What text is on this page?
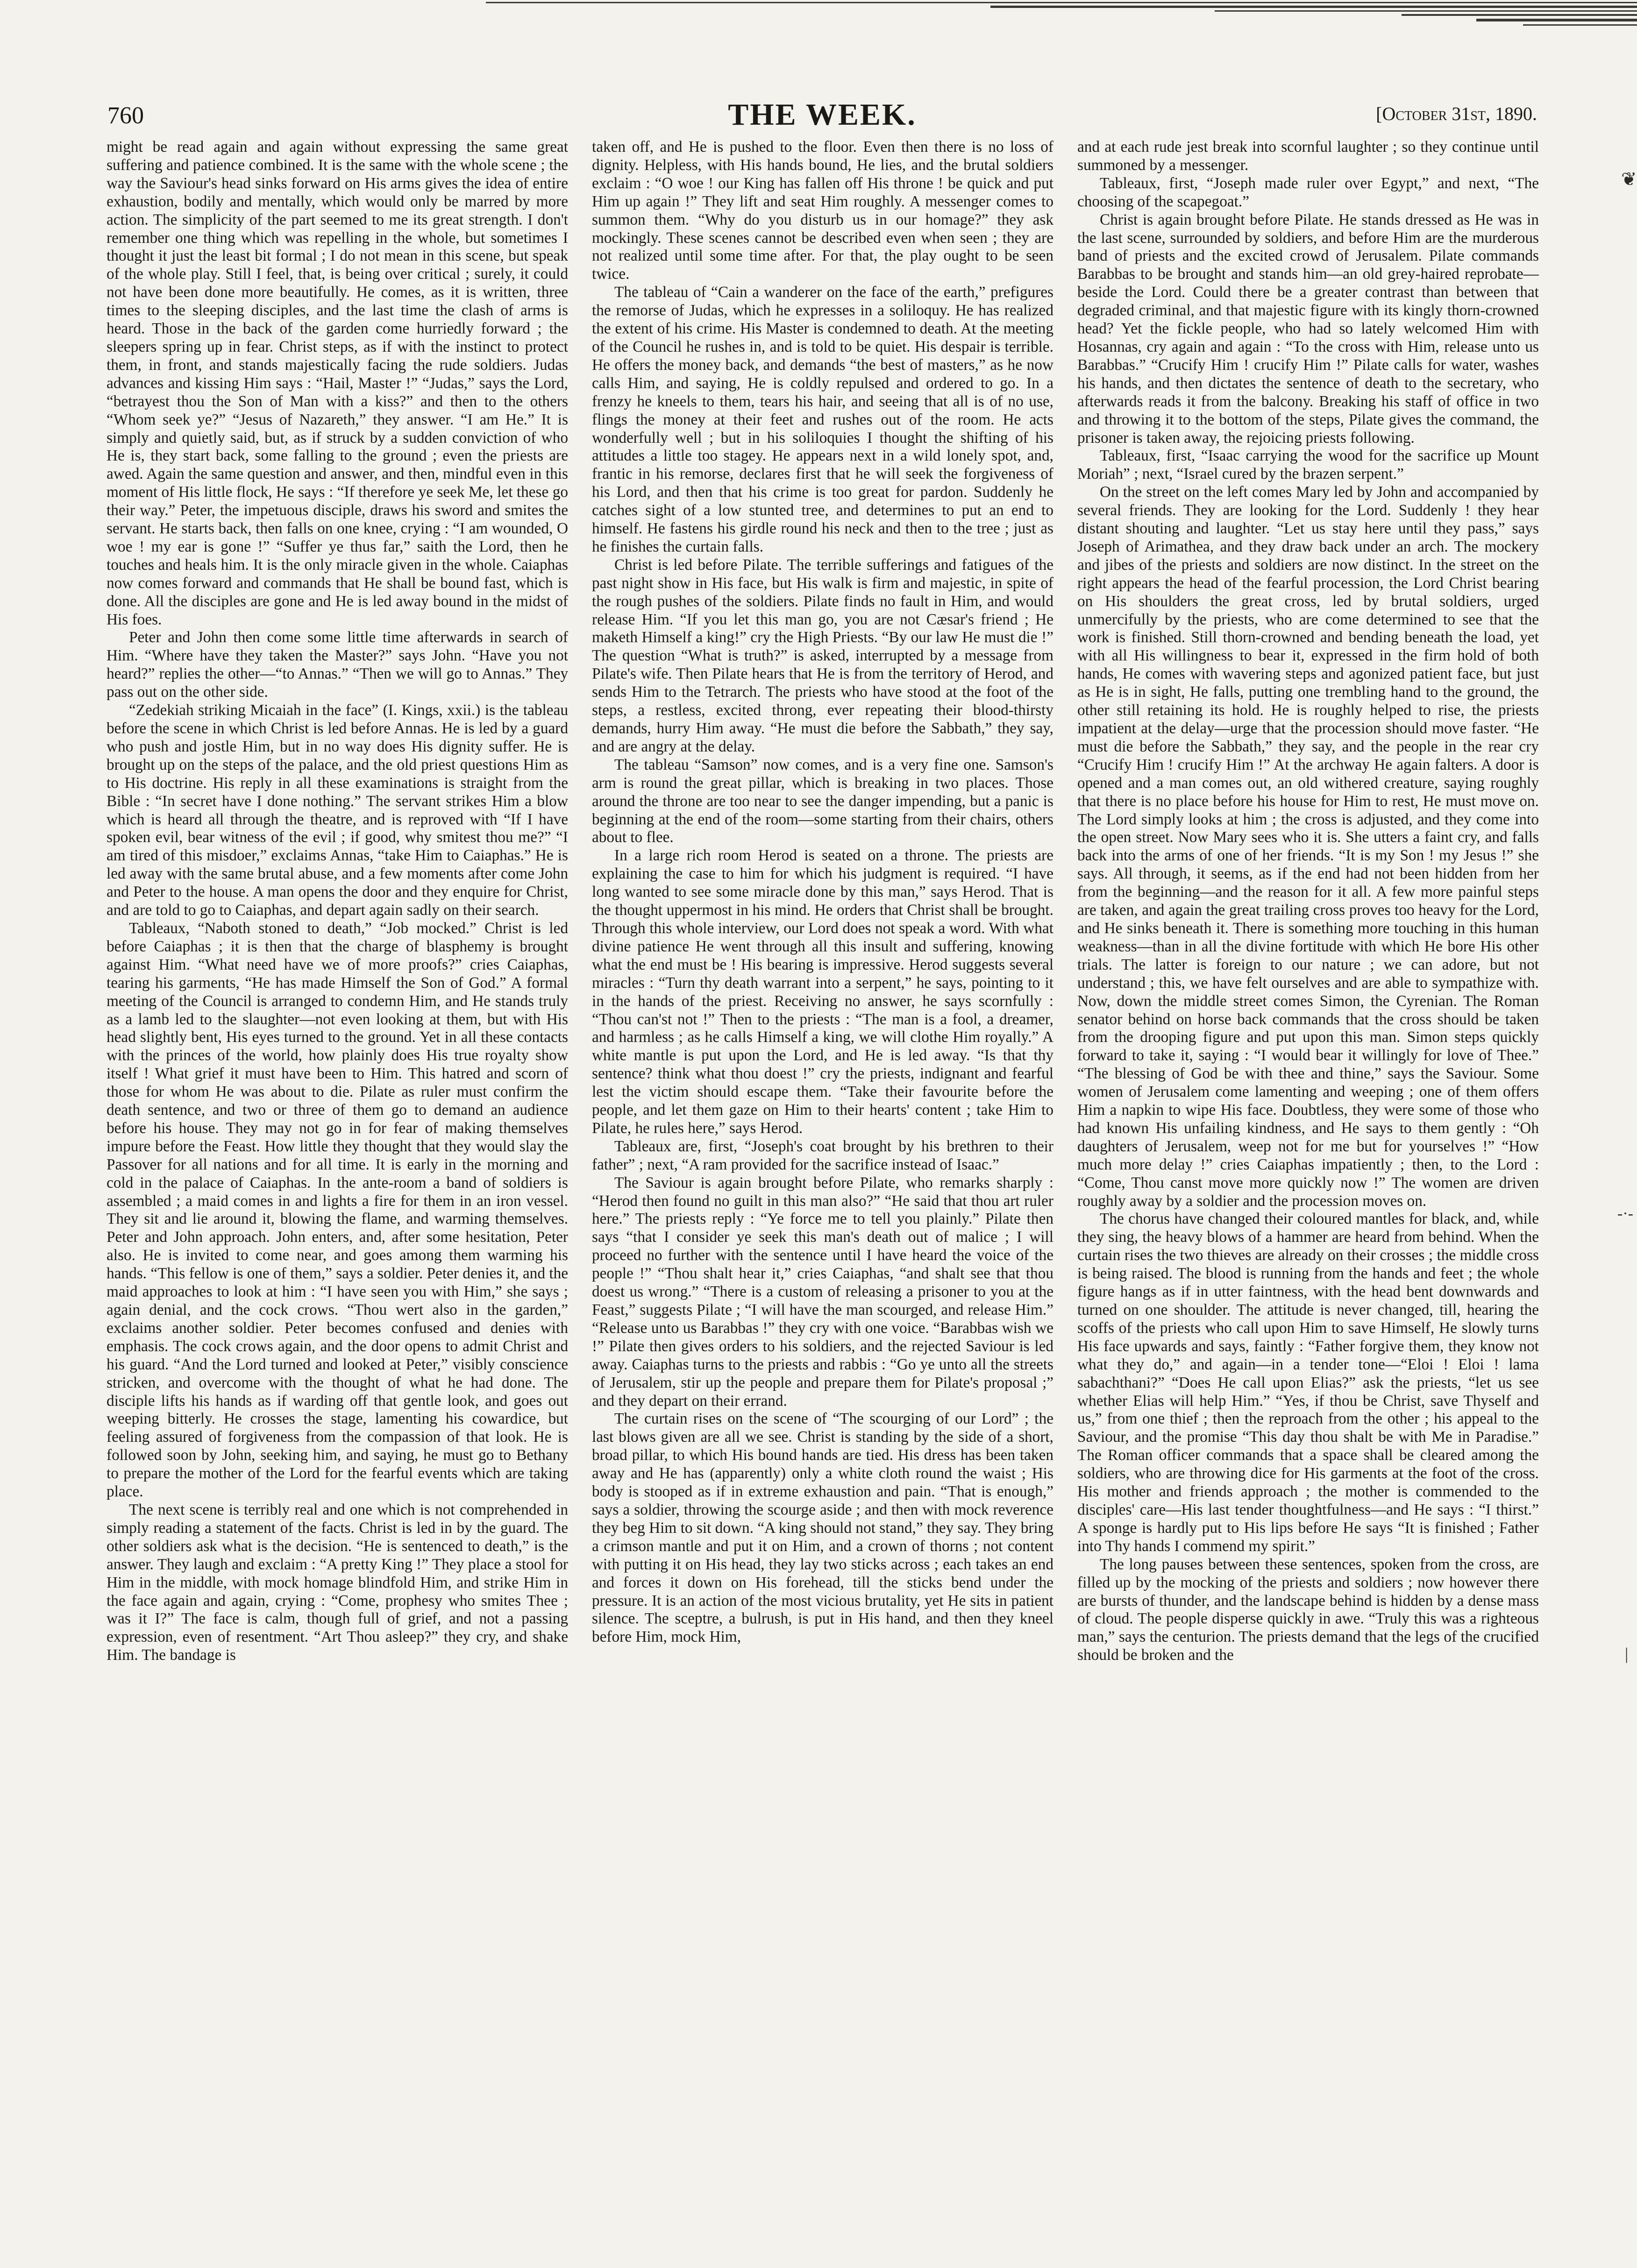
760	THE WEEK.	[October 31st, 1890.

might be read again and again without expressing the same great suffering and patience combined. It is the same with the whole scene ; the way the Saviour's head sinks forward on His arms gives the idea of entire exhaustion, bodily and mentally, which would only be marred by more action. The simplicity of the part seemed to me its great strength. I don't remember one thing which was repelling in the whole, but sometimes I thought it just the least bit formal ; I do not mean in this scene, but speak of the whole play. Still I feel, that, is being over critical ; surely, it could not have been done more beautifully. He comes, as it is written, three times to the sleeping disciples, and the last time the clash of arms is heard. Those in the back of the garden come hurriedly forward ; the sleepers spring up in fear. Christ steps, as if with the instinct to protect them, in front, and stands majestically facing the rude soldiers. Judas advances and kissing Him says : “Hail, Master !” “Judas,” says the Lord, “betrayest thou the Son of Man with a kiss?” and then to the others “Whom seek ye?” “Jesus of Nazareth,” they answer. “I am He.” It is simply and quietly said, but, as if struck by a sudden conviction of who He is, they start back, some falling to the ground ; even the priests are awed. Again the same question and answer, and then, mindful even in this moment of His little flock, He says : “If therefore ye seek Me, let these go their way.” Peter, the impetuous disciple, draws his sword and smites the servant. He starts back, then falls on one knee, crying : “I am wounded, O woe ! my ear is gone !” “Suffer ye thus far,” saith the Lord, then he touches and heals him. It is the only miracle given in the whole. Caiaphas now comes forward and commands that He shall be bound fast, which is done. All the disciples are gone and He is led away bound in the midst of His foes.

Peter and John then come some little time afterwards in search of Him. “Where have they taken the Master?” says John. “Have you not heard?” replies the other—“to Annas.” “Then we will go to Annas.” They pass out on the other side.

“Zedekiah striking Micaiah in the face” (I. Kings, xxii.) is the tableau before the scene in which Christ is led before Annas. He is led by a guard who push and jostle Him, but in no way does His dignity suffer. He is brought up on the steps of the palace, and the old priest questions Him as to His doctrine. His reply in all these examinations is straight from the Bible : “In secret have I done nothing.” The servant strikes Him a blow which is heard all through the theatre, and is reproved with “If I have spoken evil, bear witness of the evil ; if good, why smitest thou me?” “I am tired of this misdoer,” exclaims Annas, “take Him to Caiaphas.” He is led away with the same brutal abuse, and a few moments after come John and Peter to the house. A man opens the door and they enquire for Christ, and are told to go to Caiaphas, and depart again sadly on their search.

Tableaux, “Naboth stoned to death,” “Job mocked.” Christ is led before Caiaphas ; it is then that the charge of blasphemy is brought against Him. “What need have we of more proofs?” cries Caiaphas, tearing his garments, “He has made Himself the Son of God.” A formal meeting of the Council is arranged to condemn Him, and He stands truly as a lamb led to the slaughter—not even looking at them, but with His head slightly bent, His eyes turned to the ground. Yet in all these contacts with the princes of the world, how plainly does His true royalty show itself ! What grief it must have been to Him. This hatred and scorn of those for whom He was about to die. Pilate as ruler must confirm the death sentence, and two or three of them go to demand an audience before his house. They may not go in for fear of making themselves impure before the Feast. How little they thought that they would slay the Passover for all nations and for all time. It is early in the morning and cold in the palace of Caiaphas. In the ante-room a band of soldiers is assembled ; a maid comes in and lights a fire for them in an iron vessel. They sit and lie around it, blowing the flame, and warming themselves. Peter and John approach. John enters, and, after some hesitation, Peter also. He is invited to come near, and goes among them warming his hands. “This fellow is one of them,” says a soldier. Peter denies it, and the maid approaches to look at him : “I have seen you with Him,” she says ; again denial, and the cock crows. “Thou wert also in the garden,” exclaims another soldier. Peter becomes confused and denies with emphasis. The cock crows again, and the door opens to admit Christ and his guard. “And the Lord turned and looked at Peter,” visibly conscience stricken, and overcome with the thought of what he had done. The disciple lifts his hands as if warding off that gentle look, and goes out weeping bitterly. He crosses the stage, lamenting his cowardice, but feeling assured of forgiveness from the compassion of that look. He is followed soon by John, seeking him, and saying, he must go to Bethany to prepare the mother of the Lord for the fearful events which are taking place.

The next scene is terribly real and one which is not comprehended in simply reading a statement of the facts. Christ is led in by the guard. The other soldiers ask what is the decision. “He is sentenced to death,” is the answer. They laugh and exclaim : “A pretty King !” They place a stool for Him in the middle, with mock homage blindfold Him, and strike Him in the face again and again, crying : “Come, prophesy who smites Thee ; was it I?” The face is calm, though full of grief, and not a passing expression, even of resentment. “Art Thou asleep?” they cry, and shake Him. The bandage is

taken off, and He is pushed to the floor. Even then there is no loss of dignity. Helpless, with His hands bound, He lies, and the brutal soldiers exclaim : “O woe ! our King has fallen off His throne ! be quick and put Him up again !” They lift and seat Him roughly. A messenger comes to summon them. “Why do you disturb us in our homage?” they ask mockingly. These scenes cannot be described even when seen ; they are not realized until some time after. For that, the play ought to be seen twice.

The tableau of “Cain a wanderer on the face of the earth,” prefigures the remorse of Judas, which he expresses in a soliloquy. He has realized the extent of his crime. His Master is condemned to death. At the meeting of the Council he rushes in, and is told to be quiet. His despair is terrible. He offers the money back, and demands “the best of masters,” as he now calls Him, and saying, He is coldly repulsed and ordered to go. In a frenzy he kneels to them, tears his hair, and seeing that all is of no use, flings the money at their feet and rushes out of the room. He acts wonderfully well ; but in his soliloquies I thought the shifting of his attitudes a little too stagey. He appears next in a wild lonely spot, and, frantic in his remorse, declares first that he will seek the forgiveness of his Lord, and then that his crime is too great for pardon. Suddenly he catches sight of a low stunted tree, and determines to put an end to himself. He fastens his girdle round his neck and then to the tree ; just as he finishes the curtain falls.

Christ is led before Pilate. The terrible sufferings and fatigues of the past night show in His face, but His walk is firm and majestic, in spite of the rough pushes of the soldiers. Pilate finds no fault in Him, and would release Him. “If you let this man go, you are not Cæsar's friend ; He maketh Himself a king!” cry the High Priests. “By our law He must die !” The question “What is truth?” is asked, interrupted by a message from Pilate's wife. Then Pilate hears that He is from the territory of Herod, and sends Him to the Tetrarch. The priests who have stood at the foot of the steps, a restless, excited throng, ever repeating their blood-thirsty demands, hurry Him away. “He must die before the Sabbath,” they say, and are angry at the delay.

The tableau “Samson” now comes, and is a very fine one. Samson's arm is round the great pillar, which is breaking in two places. Those around the throne are too near to see the danger impending, but a panic is beginning at the end of the room—some starting from their chairs, others about to flee.

In a large rich room Herod is seated on a throne. The priests are explaining the case to him for which his judgment is required. “I have long wanted to see some miracle done by this man,” says Herod. That is the thought uppermost in his mind. He orders that Christ shall be brought. Through this whole interview, our Lord does not speak a word. With what divine patience He went through all this insult and suffering, knowing what the end must be ! His bearing is impressive. Herod suggests several miracles : “Turn thy death warrant into a serpent,” he says, pointing to it in the hands of the priest. Receiving no answer, he says scornfully : “Thou can'st not !” Then to the priests : “The man is a fool, a dreamer, and harmless ; as he calls Himself a king, we will clothe Him royally.” A white mantle is put upon the Lord, and He is led away. “Is that thy sentence? think what thou doest !” cry the priests, indignant and fearful lest the victim should escape them. “Take their favourite before the people, and let them gaze on Him to their hearts' content ; take Him to Pilate, he rules here,” says Herod.

Tableaux are, first, “Joseph's coat brought by his brethren to their father” ; next, “A ram provided for the sacrifice instead of Isaac.”

The Saviour is again brought before Pilate, who remarks sharply : “Herod then found no guilt in this man also?” “He said that thou art ruler here.” The priests reply : “Ye force me to tell you plainly.” Pilate then says “that I consider ye seek this man's death out of malice ; I will proceed no further with the sentence until I have heard the voice of the people !” “Thou shalt hear it,” cries Caiaphas, “and shalt see that thou doest us wrong.” “There is a custom of releasing a prisoner to you at the Feast,” suggests Pilate ; “I will have the man scourged, and release Him.” “Release unto us Barabbas !” they cry with one voice. “Barabbas wish we !” Pilate then gives orders to his soldiers, and the rejected Saviour is led away. Caiaphas turns to the priests and rabbis : “Go ye unto all the streets of Jerusalem, stir up the people and prepare them for Pilate's proposal ;” and they depart on their errand.

The curtain rises on the scene of “The scourging of our Lord” ; the last blows given are all we see. Christ is standing by the side of a short, broad pillar, to which His bound hands are tied. His dress has been taken away and He has (apparently) only a white cloth round the waist ; His body is stooped as if in extreme exhaustion and pain. “That is enough,” says a soldier, throwing the scourge aside ; and then with mock reverence they beg Him to sit down. “A king should not stand,” they say. They bring a crimson mantle and put it on Him, and a crown of thorns ; not content with putting it on His head, they lay two sticks across ; each takes an end and forces it down on His forehead, till the sticks bend under the pressure. It is an action of the most vicious brutality, yet He sits in patient silence. The sceptre, a bulrush, is put in His hand, and then they kneel before Him, mock Him,

and at each rude jest break into scornful laughter ; so they continue until summoned by a messenger.

Tableaux, first, “Joseph made ruler over Egypt,” and next, “The choosing of the scapegoat.”

Christ is again brought before Pilate. He stands dressed as He was in the last scene, surrounded by soldiers, and before Him are the murderous band of priests and the excited crowd of Jerusalem. Pilate commands Barabbas to be brought and stands him—an old grey-haired reprobate—beside the Lord. Could there be a greater contrast than between that degraded criminal, and that majestic figure with its kingly thorn-crowned head? Yet the fickle people, who had so lately welcomed Him with Hosannas, cry again and again : “To the cross with Him, release unto us Barabbas.” “Crucify Him ! crucify Him !” Pilate calls for water, washes his hands, and then dictates the sentence of death to the secretary, who afterwards reads it from the balcony. Breaking his staff of office in two and throwing it to the bottom of the steps, Pilate gives the command, the prisoner is taken away, the rejoicing priests following.

Tableaux, first, “Isaac carrying the wood for the sacrifice up Mount Moriah” ; next, “Israel cured by the brazen serpent.”

On the street on the left comes Mary led by John and accompanied by several friends. They are looking for the Lord. Suddenly ! they hear distant shouting and laughter. “Let us stay here until they pass,” says Joseph of Arimathea, and they draw back under an arch. The mockery and jibes of the priests and soldiers are now distinct. In the street on the right appears the head of the fearful procession, the Lord Christ bearing on His shoulders the great cross, led by brutal soldiers, urged unmercifully by the priests, who are come determined to see that the work is finished. Still thorn-crowned and bending beneath the load, yet with all His willingness to bear it, expressed in the firm hold of both hands, He comes with wavering steps and agonized patient face, but just as He is in sight, He falls, putting one trembling hand to the ground, the other still retaining its hold. He is roughly helped to rise, the priests impatient at the delay—urge that the procession should move faster. “He must die before the Sabbath,” they say, and the people in the rear cry “Crucify Him ! crucify Him !” At the archway He again falters. A door is opened and a man comes out, an old withered creature, saying roughly that there is no place before his house for Him to rest, He must move on. The Lord simply looks at him ; the cross is adjusted, and they come into the open street. Now Mary sees who it is. She utters a faint cry, and falls back into the arms of one of her friends. “It is my Son ! my Jesus !” she says. All through, it seems, as if the end had not been hidden from her from the beginning—and the reason for it all. A few more painful steps are taken, and again the great trailing cross proves too heavy for the Lord, and He sinks beneath it. There is something more touching in this human weakness—than in all the divine fortitude with which He bore His other trials. The latter is foreign to our nature ; we can adore, but not understand ; this, we have felt ourselves and are able to sympathize with. Now, down the middle street comes Simon, the Cyrenian. The Roman senator behind on horse back commands that the cross should be taken from the drooping figure and put upon this man. Simon steps quickly forward to take it, saying : “I would bear it willingly for love of Thee.” “The blessing of God be with thee and thine,” says the Saviour. Some women of Jerusalem come lamenting and weeping ; one of them offers Him a napkin to wipe His face. Doubtless, they were some of those who had known His unfailing kindness, and He says to them gently : “Oh daughters of Jerusalem, weep not for me but for yourselves !” “How much more delay !” cries Caiaphas impatiently ; then, to the Lord : “Come, Thou canst move more quickly now !” The women are driven roughly away by a soldier and the procession moves on.

The chorus have changed their coloured mantles for black, and, while they sing, the heavy blows of a hammer are heard from behind. When the curtain rises the two thieves are already on their crosses ; the middle cross is being raised. The blood is running from the hands and feet ; the whole figure hangs as if in utter faintness, with the head bent downwards and turned on one shoulder. The attitude is never changed, till, hearing the scoffs of the priests who call upon Him to save Himself, He slowly turns His face upwards and says, faintly : “Father forgive them, they know not what they do,” and again—in a tender tone—“Eloi ! Eloi ! lama sabachthani?” “Does He call upon Elias?” ask the priests, “let us see whether Elias will help Him.” “Yes, if thou be Christ, save Thyself and us,” from one thief ; then the reproach from the other ; his appeal to the Saviour, and the promise “This day thou shalt be with Me in Paradise.” The Roman officer commands that a space shall be cleared among the soldiers, who are throwing dice for His garments at the foot of the cross. His mother and friends approach ; the mother is commended to the disciples' care—His last tender thoughtfulness—and He says : “I thirst.” A sponge is hardly put to His lips before He says “It is finished ; Father into Thy hands I commend my spirit.”

The long pauses between these sentences, spoken from the cross, are filled up by the mocking of the priests and soldiers ; now however there are bursts of thunder, and the landscape behind is hidden by a dense mass of cloud. The people disperse quickly in awe. “Truly this was a righteous man,” says the centurion. The priests demand that the legs of the crucified should be broken and the

❦
-·-
|
